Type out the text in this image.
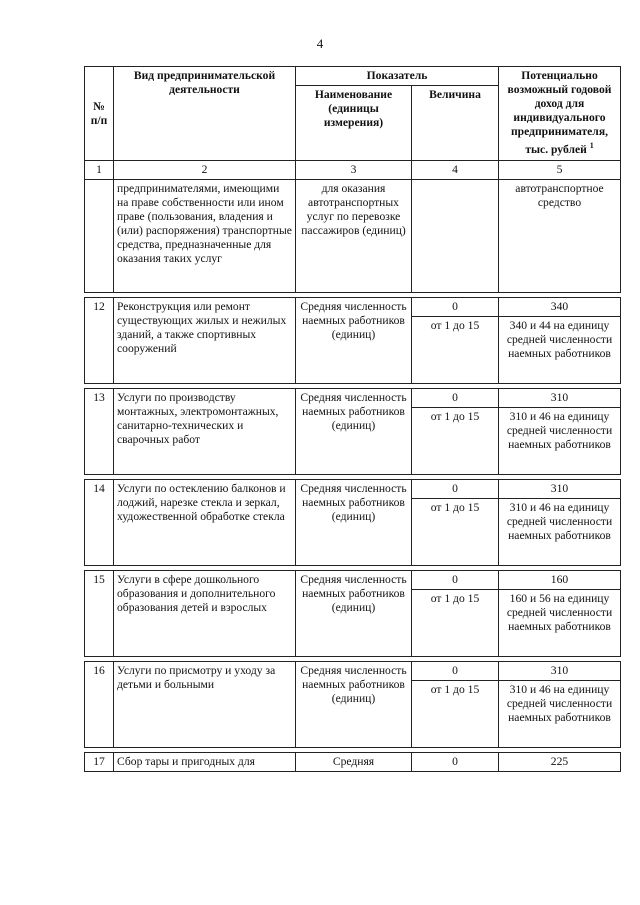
4
№ п/п	Вид предпринимательской деятельности	Показатель		Потенциально возможный годовой доход для индивидуального предпринимателя, тыс. рублей $^1$
		Наименование (единицы измерения)	Величина	
1	2	3	4	5
	предпринимателями, имеющими на праве собственности или ином праве (пользования, владения и (или) распоряжения) транспортные средства, предназначенные для оказания таких услуг	для оказания автотранспортных услуг по перевозке пассажиров (единиц)		автотранспортное средство

12	Реконструкция или ремонт существующих жилых и нежилых зданий, а также спортивных сооружений	Средняя численность наемных работников (единиц)	0	340
			от 1 до 15	340 и 44 на единицу средней численности наемных работников

13	Услуги по производству монтажных, электромонтажных, санитарно-технических и сварочных работ	Средняя численность наемных работников (единиц)	0	310
			от 1 до 15	310 и 46 на единицу средней численности наемных работников

14	Услуги по остеклению балконов и лоджий, нарезке стекла и зеркал, художественной обработке стекла	Средняя численность наемных работников (единиц)	0	310
			от 1 до 15	310 и 46 на единицу средней численности наемных работников

15	Услуги в сфере дошкольного образования и дополнительного образования детей и взрослых	Средняя численность наемных работников (единиц)	0	160
			от 1 до 15	160 и 56 на единицу средней численности наемных работников

16	Услуги по присмотру и уходу за детьми и больными	Средняя численность наемных работников (единиц)	0	310
			от 1 до 15	310 и 46 на единицу средней численности наемных работников

17	Сбор тары и пригодных для	Средняя	0	225
